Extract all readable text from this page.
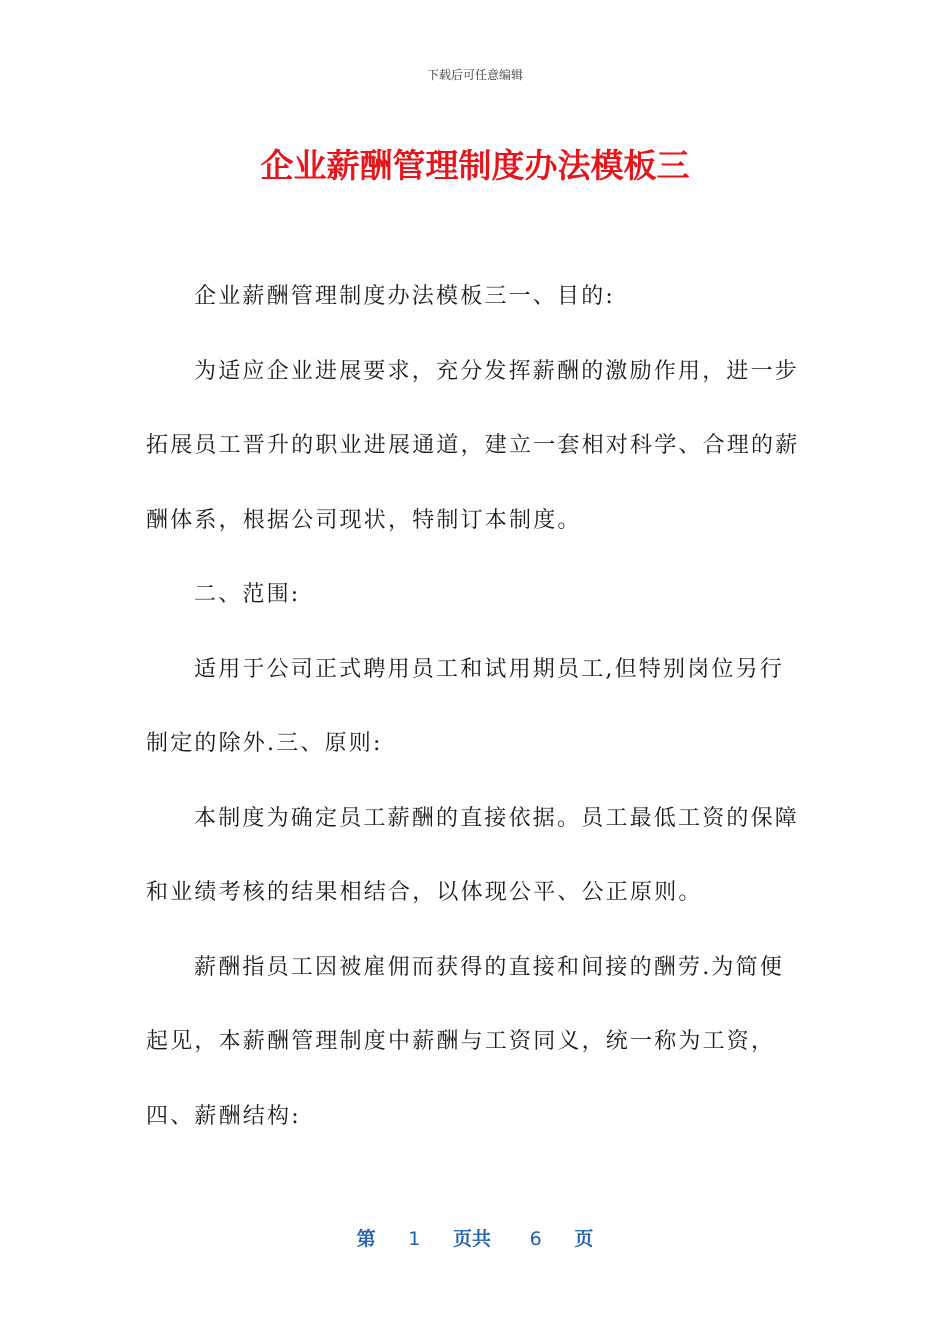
下载后可任意编辑
企业薪酬管理制度办法模板三

企业薪酬管理制度办法模板三一、目的:

为适应企业进展要求，充分发挥薪酬的激励作用，进一步拓展员工晋升的职业进展通道，建立一套相对科学、合理的薪酬体系，根据公司现状，特制订本制度。

二、范围:

适用于公司正式聘用员工和试用期员工,但特别岗位另行制定的除外.三、原则:

本制度为确定员工薪酬的直接依据。员工最低工资的保障和业绩考核的结果相结合，以体现公平、公正原则。

薪酬指员工因被雇佣而获得的直接和间接的酬劳.为简便起见，本薪酬管理制度中薪酬与工资同义，统一称为工资，四、薪酬结构:

第 1 页共 6 页
